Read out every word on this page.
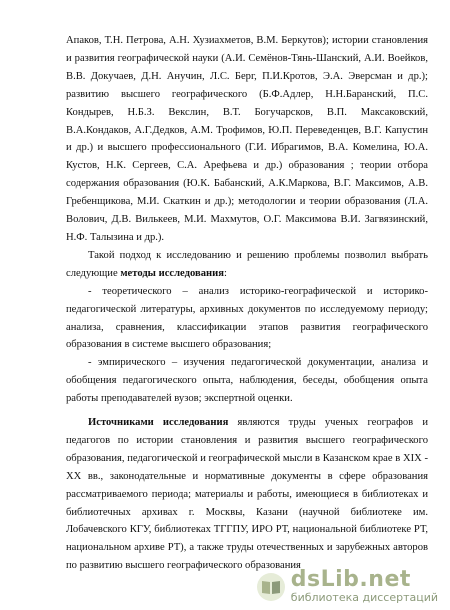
Апаков, Т.Н. Петрова, А.Н. Хузиахметов, В.М. Беркутов); истории становления и развития географической науки (А.И. Семёнов-Тянь-Шанский, А.И. Воейков, В.В. Докучаев, Д.Н. Анучин, Л.С. Берг, П.И.Кротов, Э.А. Эверсман и др.); развитию высшего географического (Б.Ф.Адлер, Н.Н.Баранский, П.С. Кондырев, Н.Б.З. Векслин, В.Т. Богучарсков, В.П. Максаковский, В.А.Кондаков, А.Г.Дедков, А.М. Трофимов, Ю.П. Переведенцев, В.Г. Капустин и др.) и высшего профессионального (Г.И. Ибрагимов, В.А. Комелина, Ю.А. Кустов, Н.К. Сергеев, С.А. Арефьева и др.) образования ; теории отбора содержания образования (Ю.К. Бабанский, А.К.Маркова, В.Г. Максимов, А.В. Гребенщикова, М.И. Скаткин и др.); методологии и теории образования (Л.А. Волович, Д.В. Вилькеев, М.И. Махмутов, О.Г. Максимова В.И. Загвязинский, Н.Ф. Талызина и др.).

Такой подход к исследованию и решению проблемы позволил выбрать следующие методы исследования:

- теоретического – анализ историко-географической и историко-педагогической литературы, архивных документов по исследуемому периоду; анализа, сравнения, классификации этапов развития географического образования в системе высшего образования;

- эмпирического – изучения педагогической документации, анализа и обобщения педагогического опыта, наблюдения, беседы, обобщения опыта работы преподавателей вузов; экспертной оценки.

Источниками исследования являются труды ученых географов и педагогов по истории становления и развития высшего географического образования, педагогической и географической мысли в Казанском крае в XIX - XX вв., законодательные и нормативные документы в сфере образования рассматриваемого периода; материалы и работы, имеющиеся в библиотеках и библиотечных архивах г. Москвы, Казани (научной библиотеке им. Лобачевского КГУ, библиотеках ТГГПУ, ИРО РТ, национальной библиотеке РТ, национальном архиве РТ), а также труды отечественных и зарубежных авторов по развитию высшего географического образования

dsLib.net
библиотека диссертаций
